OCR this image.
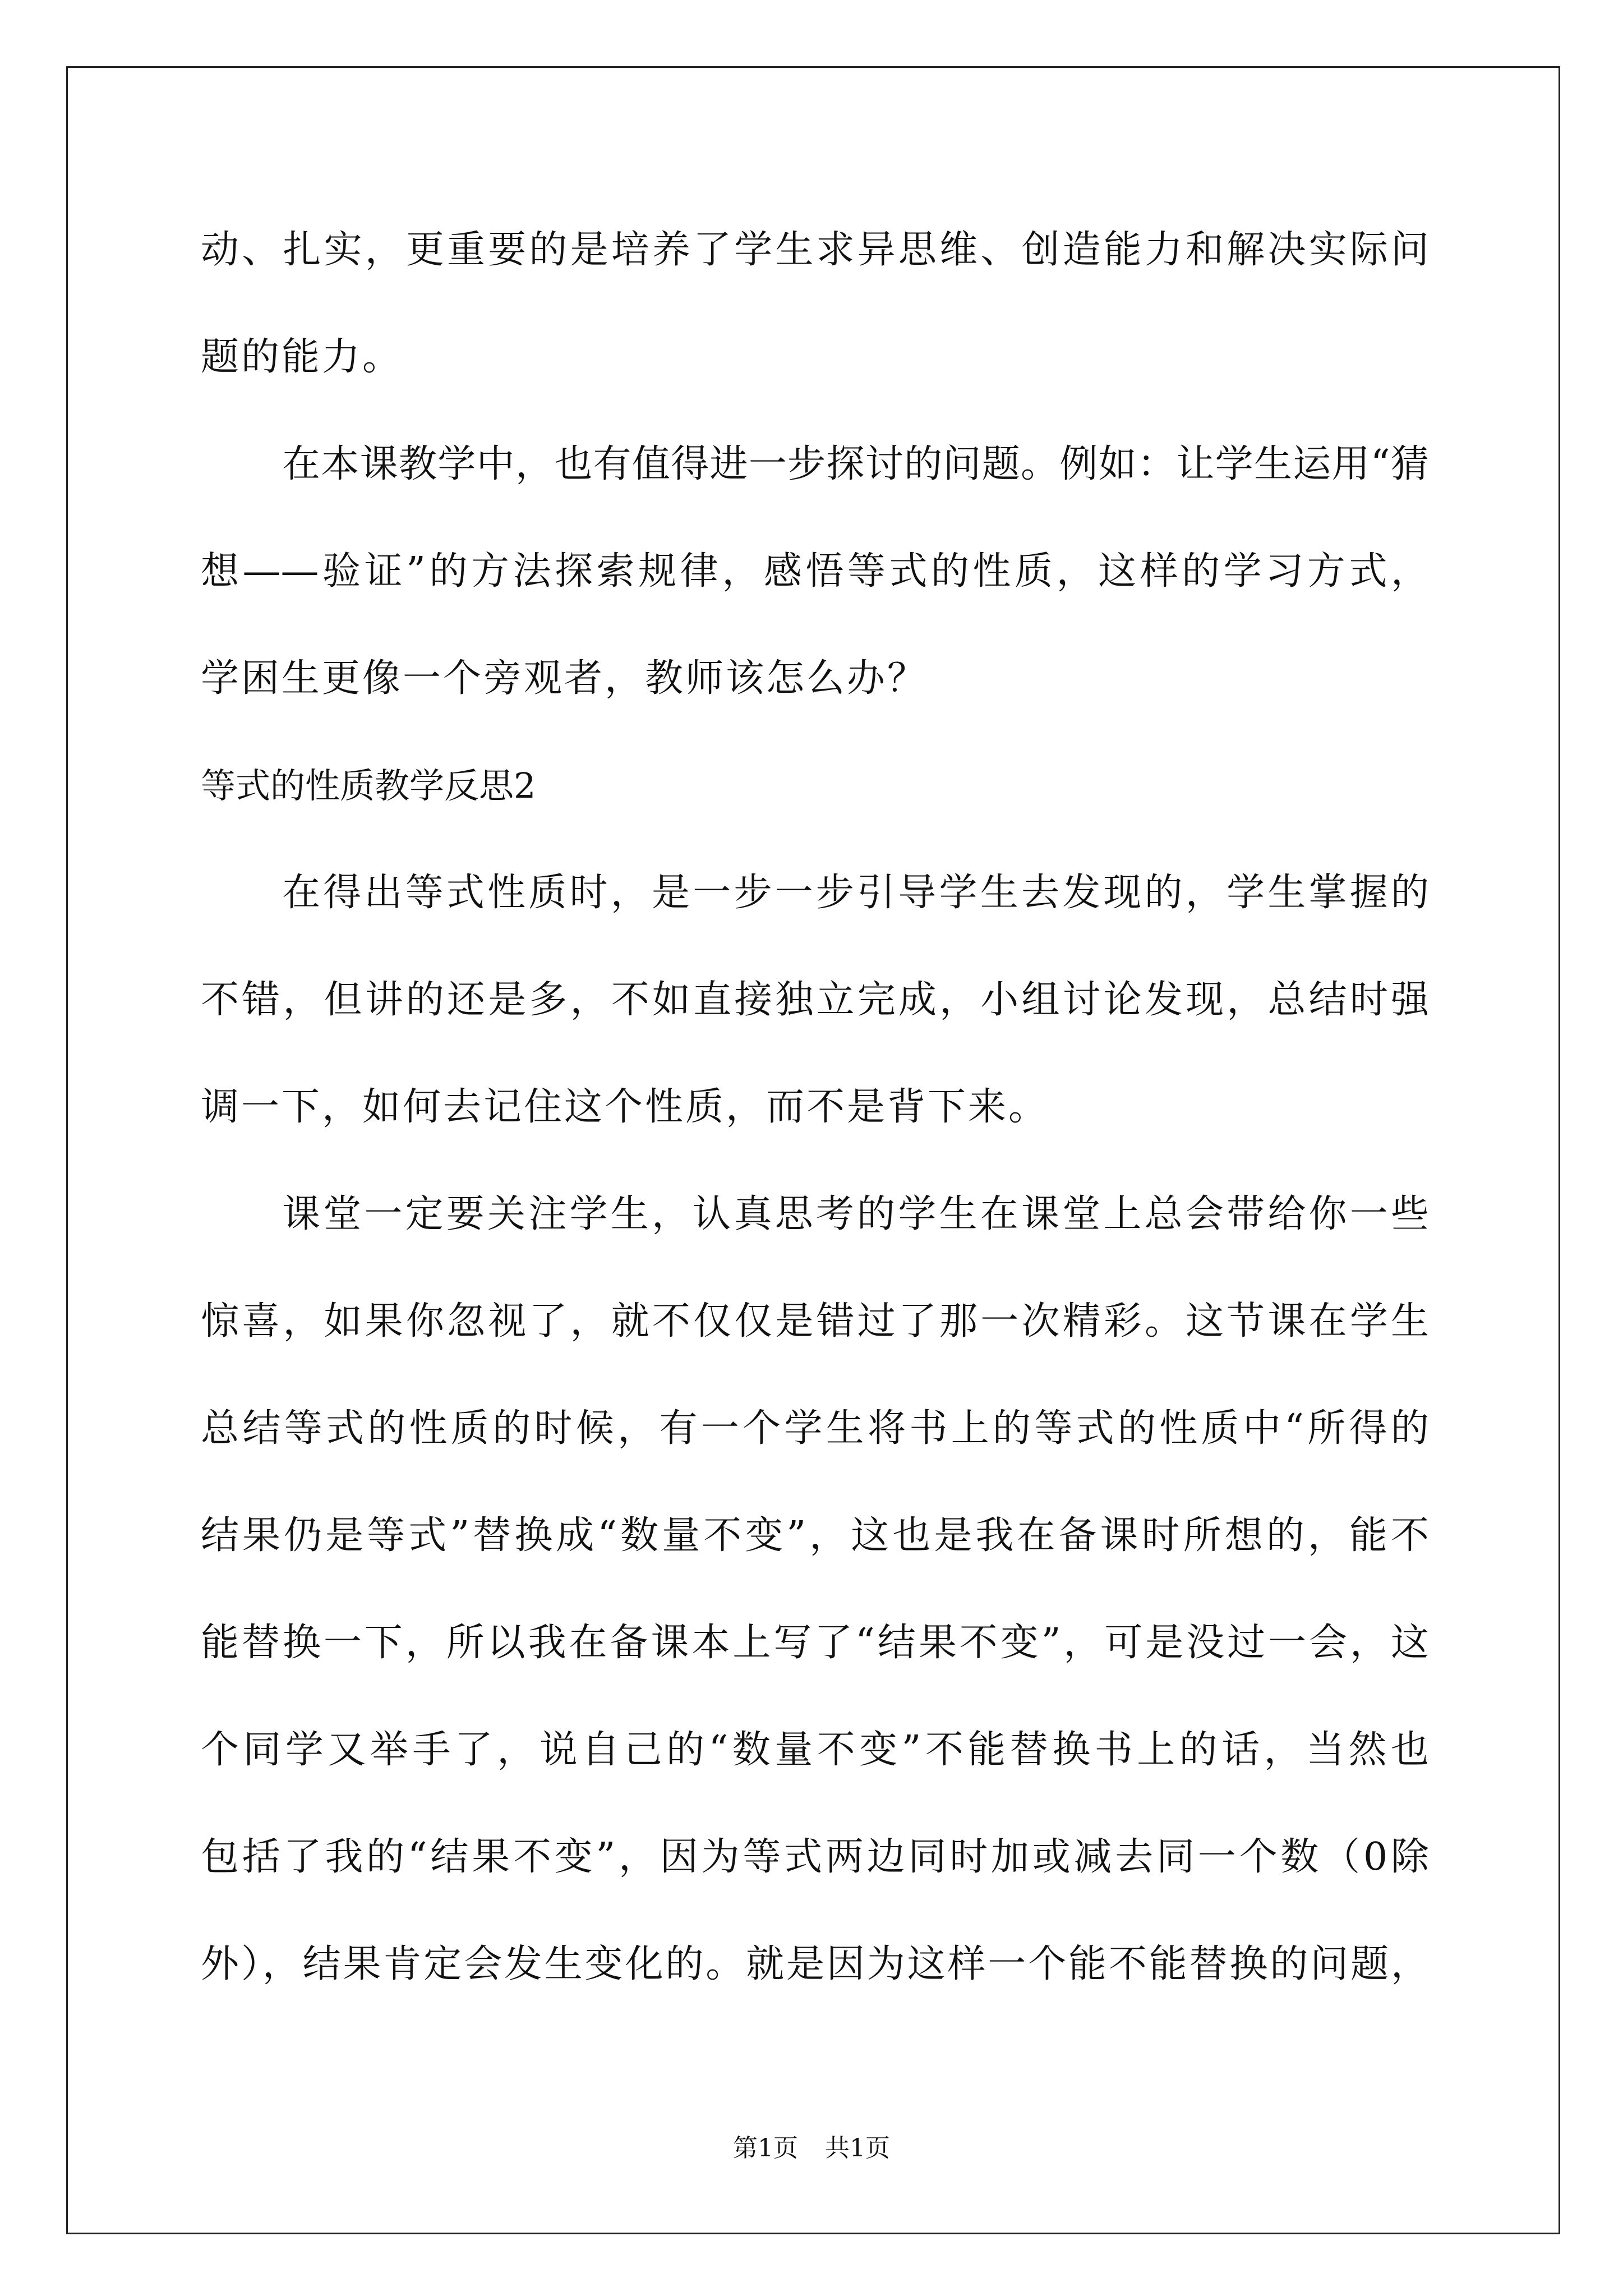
动、扎实，更重要的是培养了学生求异思维、创造能力和解决实际问
题的能力。
在本课教学中，也有值得进一步探讨的问题。例如：让学生运用“猜
想——验证”的方法探索规律，感悟等式的性质，这样的学习方式，
学困生更像一个旁观者，教师该怎么办？
等式的性质教学反思2
在得出等式性质时，是一步一步引导学生去发现的，学生掌握的
不错，但讲的还是多，不如直接独立完成，小组讨论发现，总结时强
调一下，如何去记住这个性质，而不是背下来。
课堂一定要关注学生，认真思考的学生在课堂上总会带给你一些
惊喜，如果你忽视了，就不仅仅是错过了那一次精彩。这节课在学生
总结等式的性质的时候，有一个学生将书上的等式的性质中“所得的
结果仍是等式”替换成“数量不变”，这也是我在备课时所想的，能不
能替换一下，所以我在备课本上写了“结果不变”，可是没过一会，这
个同学又举手了，说自己的“数量不变”不能替换书上的话，当然也
包括了我的“结果不变”，因为等式两边同时加或减去同一个数（0除
外），结果肯定会发生变化的。就是因为这样一个能不能替换的问题，
第1页 共1页
